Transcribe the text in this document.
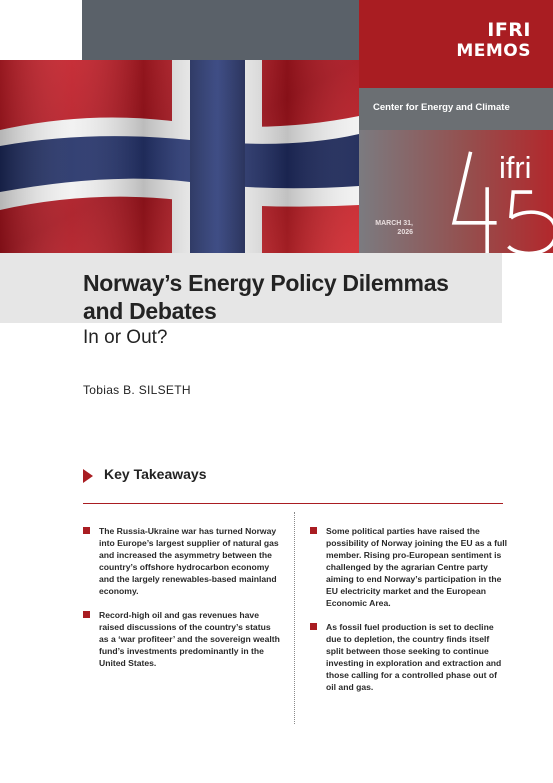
IFRI
MEMOS
Center for Energy and Climate
MARCH 31,
2026
ifri
Norway’s Energy Policy Dilemmas and Debates
In or Out?
Tobias B. SILSETH
Key Takeaways
The Russia-Ukraine war has turned Norway into Europe’s largest supplier of natural gas and increased the asymmetry between the country’s offshore hydrocarbon economy and the largely renewables-based mainland economy.
Record-high oil and gas revenues have raised discussions of the country’s status as a ‘war profiteer’ and the sovereign wealth fund’s investments predominantly in the United States.
Some political parties have raised the possibility of Norway joining the EU as a full member. Rising pro-European sentiment is challenged by the agrarian Centre party aiming to end Norway’s participation in the EU electricity market and the European Economic Area.
As fossil fuel production is set to decline due to depletion, the country finds itself split between those seeking to continue investing in exploration and extraction and those calling for a controlled phase out of oil and gas.
